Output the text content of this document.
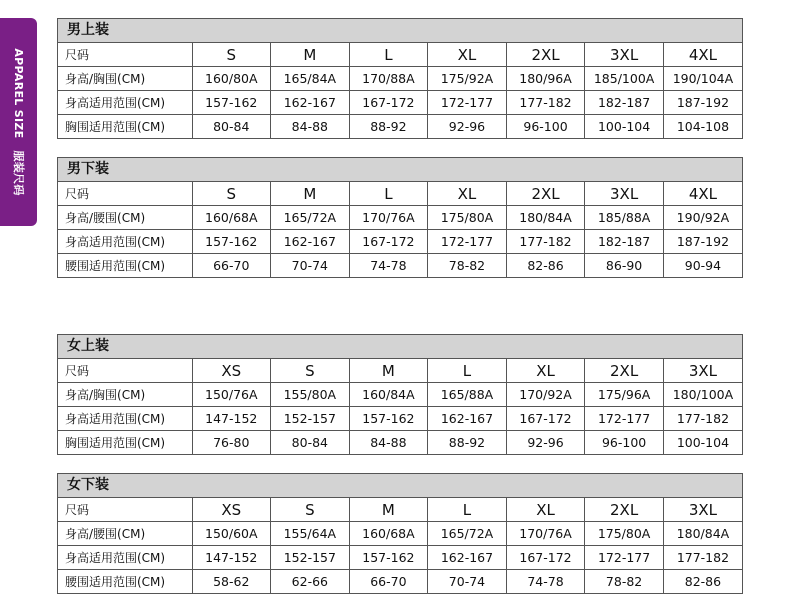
APPAREL SIZE服装尺码
男上装
尺码	S	M	L	XL	2XL	3XL	4XL
身高/胸围(CM)	160/80A	165/84A	170/88A	175/92A	180/96A	185/100A	190/104A
身高适用范围(CM)	157-162	162-167	167-172	172-177	177-182	182-187	187-192
胸围适用范围(CM)	80-84	84-88	88-92	92-96	96-100	100-104	104-108
男下装
尺码	S	M	L	XL	2XL	3XL	4XL
身高/腰围(CM)	160/68A	165/72A	170/76A	175/80A	180/84A	185/88A	190/92A
身高适用范围(CM)	157-162	162-167	167-172	172-177	177-182	182-187	187-192
腰围适用范围(CM)	66-70	70-74	74-78	78-82	82-86	86-90	90-94
女上装
尺码	XS	S	M	L	XL	2XL	3XL
身高/胸围(CM)	150/76A	155/80A	160/84A	165/88A	170/92A	175/96A	180/100A
身高适用范围(CM)	147-152	152-157	157-162	162-167	167-172	172-177	177-182
胸围适用范围(CM)	76-80	80-84	84-88	88-92	92-96	96-100	100-104
女下装
尺码	XS	S	M	L	XL	2XL	3XL
身高/腰围(CM)	150/60A	155/64A	160/68A	165/72A	170/76A	175/80A	180/84A
身高适用范围(CM)	147-152	152-157	157-162	162-167	167-172	172-177	177-182
腰围适用范围(CM)	58-62	62-66	66-70	70-74	74-78	78-82	82-86
